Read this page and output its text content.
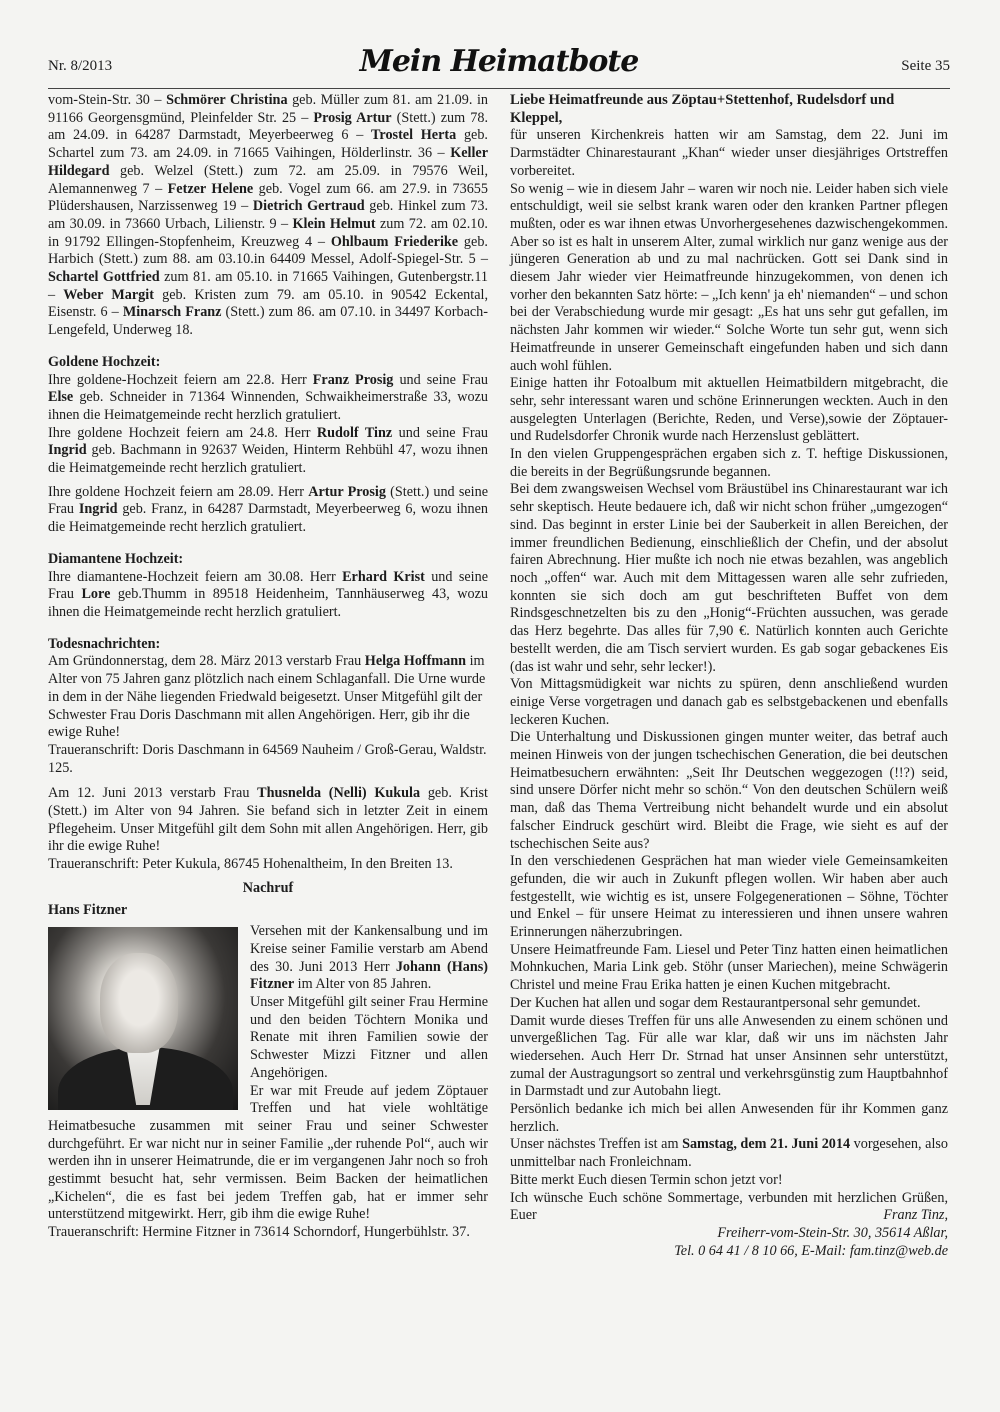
Nr. 8/2013	Mein Heimatbote	Seite 35

vom-Stein-Str. 30 – Schmörer Christina geb. Müller zum 81. am 21.09. in 91166 Georgensgmünd, Pleinfelder Str. 25 – Prosig Artur (Stett.) zum 78. am 24.09. in 64287 Darmstadt, Meyerbeerweg 6 – Trostel Herta geb. Schartel zum 73. am 24.09. in 71665 Vaihingen, Hölderlinstr. 36 – Keller Hildegard geb. Welzel (Stett.) zum 72. am 25.09. in 79576 Weil, Alemannenweg 7 – Fetzer Helene geb. Vogel zum 66. am 27.9. in 73655 Plüdershausen, Narzissenweg 19 – Dietrich Gertraud geb. Hinkel zum 73. am 30.09. in 73660 Urbach, Lilienstr. 9 – Klein Helmut zum 72. am 02.10. in 91792 Ellingen-Stopfenheim, Kreuzweg 4 – Ohlbaum Friederike geb. Harbich (Stett.) zum 88. am 03.10.in 64409 Messel, Adolf-Spiegel-Str. 5 – Schartel Gottfried zum 81. am 05.10. in 71665 Vaihingen, Gutenbergstr.11 – Weber Margit geb. Kristen zum 79. am 05.10. in 90542 Eckental, Eisenstr. 6 – Minarsch Franz (Stett.) zum 86. am 07.10. in 34497 Korbach-Lengefeld, Underweg 18.

Goldene Hochzeit:

Ihre goldene-Hochzeit feiern am 22.8. Herr Franz Prosig und seine Frau Else geb. Schneider in 71364 Winnenden, Schwaikheimerstraße 33, wozu ihnen die Heimatgemeinde recht herzlich gratuliert.

Ihre goldene Hochzeit feiern am 24.8. Herr Rudolf Tinz und seine Frau Ingrid geb. Bachmann in 92637 Weiden, Hinterm Rehbühl 47, wozu ihnen die Heimatgemeinde recht herzlich gratuliert.

Ihre goldene Hochzeit feiern am 28.09. Herr Artur Prosig (Stett.) und seine Frau Ingrid geb. Franz, in 64287 Darmstadt, Meyerbeerweg 6, wozu ihnen die Heimatgemeinde recht herzlich gratuliert.

Diamantene Hochzeit:

Ihre diamantene-Hochzeit feiern am 30.08. Herr Erhard Krist und seine Frau Lore geb.Thumm in 89518 Heidenheim, Tannhäuserweg 43, wozu ihnen die Heimatgemeinde recht herzlich gratuliert.

Todesnachrichten:

Am Gründonnerstag, dem 28. März 2013 verstarb Frau Helga Hoffmann im Alter von 75 Jahren ganz plötzlich nach einem Schlaganfall. Die Urne wurde in dem in der Nähe liegenden Friedwald beigesetzt. Unser Mitgefühl gilt der Schwester Frau Doris Daschmann mit allen Angehörigen. Herr, gib ihr die ewige Ruhe!

Traueranschrift: Doris Daschmann in 64569 Nauheim / Groß-Gerau, Waldstr. 125.

Am 12. Juni 2013 verstarb Frau Thusnelda (Nelli) Kukula geb. Krist (Stett.) im Alter von 94 Jahren. Sie befand sich in letzter Zeit in einem Pflegeheim. Unser Mitgefühl gilt dem Sohn mit allen Angehörigen. Herr, gib ihr die ewige Ruhe!

Traueranschrift: Peter Kukula, 86745 Hohenaltheim, In den Breiten 13.

Nachruf

Hans Fitzner

Versehen mit der Kankensalbung und im Kreise seiner Familie verstarb am Abend des 30. Juni 2013 Herr Johann (Hans) Fitzner im Alter von 85 Jahren.

Unser Mitgefühl gilt seiner Frau Hermine und den beiden Töchtern Monika und Renate mit ihren Familien sowie der Schwester Mizzi Fitzner und allen Angehörigen.

Er war mit Freude auf jedem Zöptauer Treffen und hat viele wohltätige Heimatbesuche zusammen mit seiner Frau und seiner Schwester durchgeführt. Er war nicht nur in seiner Familie „der ruhende Pol“, auch wir werden ihn in unserer Heimatrunde, die er im vergangenen Jahr noch so froh gestimmt besucht hat, sehr vermissen. Beim Backen der heimatlichen „Kichelen“, die es fast bei jedem Treffen gab, hat er immer sehr unterstützend mitgewirkt. Herr, gib ihm die ewige Ruhe!

Traueranschrift: Hermine Fitzner in 73614 Schorndorf, Hungerbühlstr. 37.

Liebe Heimatfreunde aus Zöptau+Stettenhof, Rudelsdorf und Kleppel,

für unseren Kirchenkreis hatten wir am Samstag, dem 22. Juni im Darmstädter Chinarestaurant „Khan“ wieder unser diesjähriges Ortstreffen vorbereitet.

So wenig – wie in diesem Jahr – waren wir noch nie. Leider haben sich viele entschuldigt, weil sie selbst krank waren oder den kranken Partner pflegen mußten, oder es war ihnen etwas Unvorhergesehenes dazwischengekommen. Aber so ist es halt in unserem Alter, zumal wirklich nur ganz wenige aus der jüngeren Generation ab und zu mal nachrücken. Gott sei Dank sind in diesem Jahr wieder vier Heimatfreunde hinzugekommen, von denen ich vorher den bekannten Satz hörte: – „Ich kenn' ja eh' niemanden“ – und schon bei der Verabschiedung wurde mir gesagt: „Es hat uns sehr gut gefallen, im nächsten Jahr kommen wir wieder.“ Solche Worte tun sehr gut, wenn sich Heimatfreunde in unserer Gemeinschaft eingefunden haben und sich dann auch wohl fühlen.

Einige hatten ihr Fotoalbum mit aktuellen Heimatbildern mitgebracht, die sehr, sehr interessant waren und schöne Erinnerungen weckten. Auch in den ausgelegten Unterlagen (Berichte, Reden, und Verse),sowie der Zöptauer- und Rudelsdorfer Chronik wurde nach Herzenslust geblättert.

In den vielen Gruppengesprächen ergaben sich z. T. heftige Diskussionen, die bereits in der Begrüßungsrunde begannen.

Bei dem zwangsweisen Wechsel vom Bräustübel ins Chinarestaurant war ich sehr skeptisch. Heute bedauere ich, daß wir nicht schon früher „umgezogen“ sind. Das beginnt in erster Linie bei der Sauberkeit in allen Bereichen, der immer freundlichen Bedienung, einschließlich der Chefin, und der absolut fairen Abrechnung. Hier mußte ich noch nie etwas bezahlen, was angeblich noch „offen“ war. Auch mit dem Mittagessen waren alle sehr zufrieden, konnten sie sich doch am gut beschrifteten Buffet von dem Rindsgeschnetzelten bis zu den „Honig“-Früchten aussuchen, was gerade das Herz begehrte. Das alles für 7,90 €. Natürlich konnten auch Gerichte bestellt werden, die am Tisch serviert wurden. Es gab sogar gebackenes Eis (das ist wahr und sehr, sehr lecker!).

Von Mittagsmüdigkeit war nichts zu spüren, denn anschließend wurden einige Verse vorgetragen und danach gab es selbstgebackenen und ebenfalls leckeren Kuchen.

Die Unterhaltung und Diskussionen gingen munter weiter, das betraf auch meinen Hinweis von der jungen tschechischen Generation, die bei deutschen Heimatbesuchern erwähnten: „Seit Ihr Deutschen weggezogen (!!?) seid, sind unsere Dörfer nicht mehr so schön.“ Von den deutschen Schülern weiß man, daß das Thema Vertreibung nicht behandelt wurde und ein absolut falscher Eindruck geschürt wird. Bleibt die Frage, wie sieht es auf der tschechischen Seite aus?

In den verschiedenen Gesprächen hat man wieder viele Gemeinsamkeiten gefunden, die wir auch in Zukunft pflegen wollen. Wir haben aber auch festgestellt, wie wichtig es ist, unsere Folgegenerationen – Söhne, Töchter und Enkel – für unsere Heimat zu interessieren und ihnen unsere wahren Erinnerungen näherzubringen.

Unsere Heimatfreunde Fam. Liesel und Peter Tinz hatten einen heimatlichen Mohnkuchen, Maria Link geb. Stöhr (unser Mariechen), meine Schwägerin Christel und meine Frau Erika hatten je einen Kuchen mitgebracht.

Der Kuchen hat allen und sogar dem Restaurantpersonal sehr gemundet.

Damit wurde dieses Treffen für uns alle Anwesenden zu einem schönen und unvergeßlichen Tag. Für alle war klar, daß wir uns im nächsten Jahr wiedersehen. Auch Herr Dr. Strnad hat unser Ansinnen sehr unterstützt, zumal der Austragungsort so zentral und verkehrsgünstig zum Hauptbahnhof in Darmstadt und zur Autobahn liegt.

Persönlich bedanke ich mich bei allen Anwesenden für ihr Kommen ganz herzlich.

Unser nächstes Treffen ist am Samstag, dem 21. Juni 2014 vorgesehen, also unmittelbar nach Fronleichnam.

Bitte merkt Euch diesen Termin schon jetzt vor!

Ich wünsche Euch schöne Sommertage, verbunden mit herzlichen Grüßen, Euer	Franz Tinz,

Freiherr-vom-Stein-Str. 30, 35614 Aßlar,

Tel. 0 64 41 / 8 10 66, E-Mail: fam.tinz@web.de
